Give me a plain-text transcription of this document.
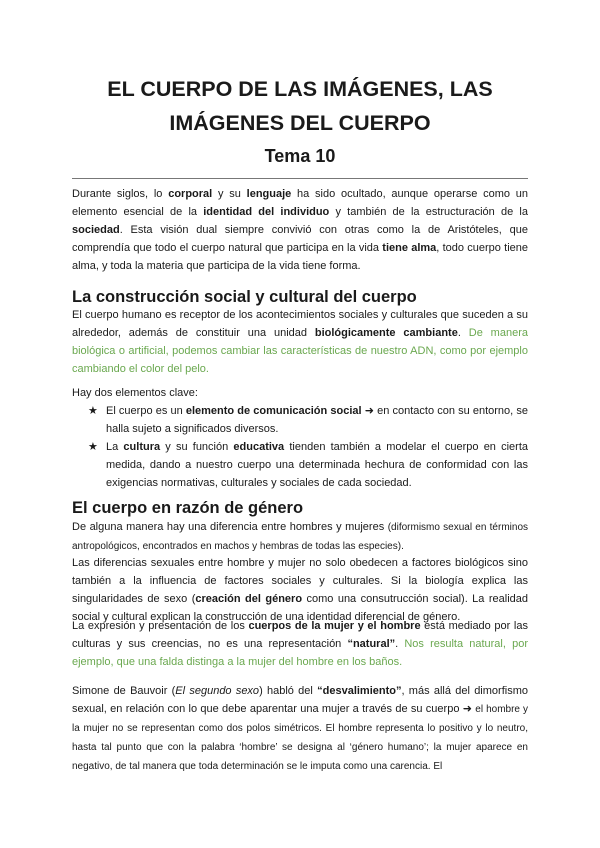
EL CUERPO DE LAS IMÁGENES, LAS
IMÁGENES DEL CUERPO
Tema 10

Durante siglos, lo corporal y su lenguaje ha sido ocultado, aunque operarse como un elemento esencial de la identidad del individuo y también de la estructuración de la sociedad. Esta visión dual siempre convivió con otras como la de Aristóteles, que comprendía que todo el cuerpo natural que participa en la vida tiene alma, todo cuerpo tiene alma, y toda la materia que participa de la vida tiene forma.

La construcción social y cultural del cuerpo

El cuerpo humano es receptor de los acontecimientos sociales y culturales que suceden a su alrededor, además de constituir una unidad biológicamente cambiante. De manera biológica o artificial, podemos cambiar las características de nuestro ADN, como por ejemplo cambiando el color del pelo.

Hay dos elementos clave:

★ El cuerpo es un elemento de comunicación social ➜ en contacto con su entorno, se halla sujeto a significados diversos.
★ La cultura y su función educativa tienden también a modelar el cuerpo en cierta medida, dando a nuestro cuerpo una determinada hechura de conformidad con las exigencias normativas, culturales y sociales de cada sociedad.
El cuerpo en razón de género

De alguna manera hay una diferencia entre hombres y mujeres (diformismo sexual en términos antropológicos, encontrados en machos y hembras de todas las especies).

Las diferencias sexuales entre hombre y mujer no solo obedecen a factores biológicos sino también a la influencia de factores sociales y culturales. Si la biología explica las singularidades de sexo (creación del género como una consutrucción social). La realidad social y cultural explican la construcción de una identidad diferencial de género.

La expresión y presentación de los cuerpos de la mujer y el hombre está mediado por las culturas y sus creencias, no es una representación “natural”. Nos resulta natural, por ejemplo, que una falda distinga a la mujer del hombre en los baños.

Simone de Bauvoir (El segundo sexo) habló del “desvalimiento”, más allá del dimorfismo sexual, en relación con lo que debe aparentar una mujer a través de su cuerpo ➜ el hombre y la mujer no se representan como dos polos simétricos. El hombre representa lo positivo y lo neutro, hasta tal punto que con la palabra ‘hombre’ se designa al ‘género humano’; la mujer aparece en negativo, de tal manera que toda determinación se le imputa como una carencia. El
